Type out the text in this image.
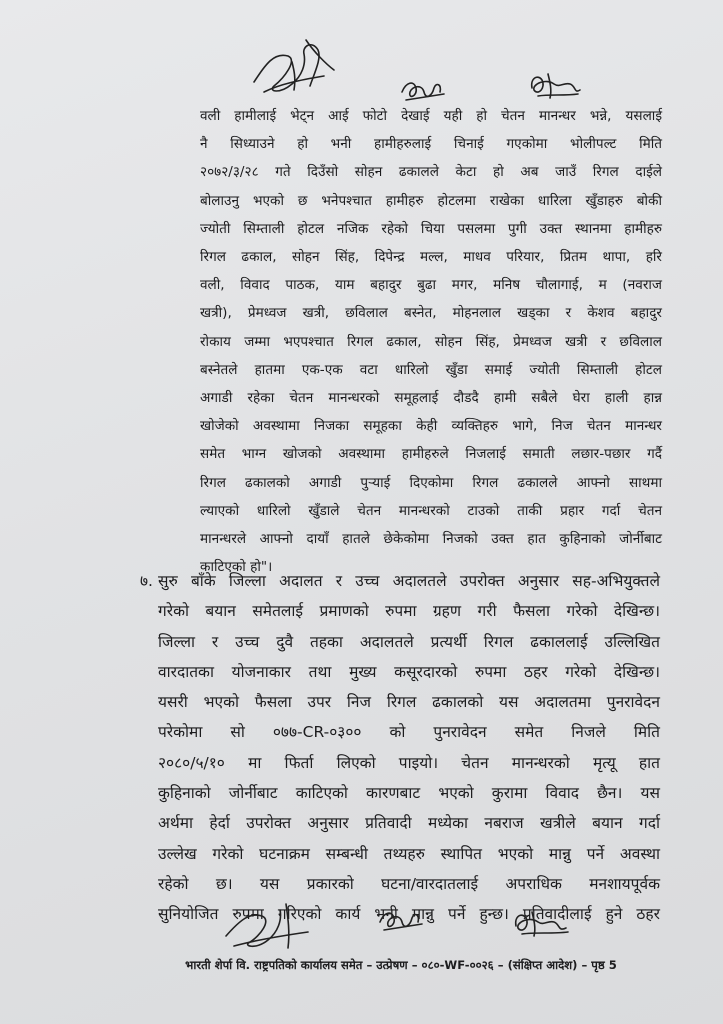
वली हामीलाई भेट्न आई फोटो देखाई यही हो चेतन मानन्धर भन्ने, यसलाई

नै सिध्याउने हो भनी हामीहरुलाई चिनाई गएकोमा भोलीपल्ट मिति

२०७२/३/२८ गते दिउँसो सोहन ढकालले केटा हो अब जाउँ रिगल दाईले

बोलाउनु भएको छ भनेपश्चात हामीहरु होटलमा राखेका धारिला खुँडाहरु बोकी

ज्योती सिम्ताली होटल नजिक रहेको चिया पसलमा पुगी उक्त स्थानमा हामीहरु

रिगल ढकाल, सोहन सिंह, दिपेन्द्र मल्ल, माधव परियार, प्रितम थापा, हरि

वली, विवाद पाठक, याम बहादुर बुढा मगर, मनिष चौलागाई, म (नवराज

खत्री), प्रेमध्वज खत्री, छविलाल बस्नेत, मोहनलाल खड्का र केशव बहादुर

रोकाय जम्मा भएपश्चात रिगल ढकाल, सोहन सिंह, प्रेमध्वज खत्री र छविलाल

बस्नेतले हातमा एक-एक वटा धारिलो खुँडा समाई ज्योती सिम्ताली होटल

अगाडी रहेका चेतन मानन्धरको समूहलाई दौडदै हामी सबैले घेरा हाली हान्न

खोजेको अवस्थामा निजका समूहका केही व्यक्तिहरु भागे, निज चेतन मानन्धर

समेत भाग्न खोजको अवस्थामा हामीहरुले निजलाई समाती लछार-पछार गर्दै

रिगल ढकालको अगाडी पुऱ्याई दिएकोमा रिगल ढकालले आफ्नो साथमा

ल्याएको धारिलो खुँडाले चेतन मानन्धरको टाउको ताकी प्रहार गर्दा चेतन

मानन्धरले आफ्नो दायाँ हातले छेकेकोमा निजको उक्त हात कुहिनाको जोर्नीबाट

काटिएको हो"।

७. सुरु बाँके जिल्ला अदालत र उच्च अदालतले उपरोक्त अनुसार सह-अभियुक्तले

गरेको बयान समेतलाई प्रमाणको रुपमा ग्रहण गरी फैसला गरेको देखिन्छ।

जिल्ला र उच्च दुवै तहका अदालतले प्रत्यर्थी रिगल ढकाललाई उल्लिखित

वारदातका योजनाकार तथा मुख्य कसूरदारको रुपमा ठहर गरेको देखिन्छ।

यसरी भएको फैसला उपर निज रिगल ढकालको यस अदालतमा पुनरावेदन

परेकोमा सो ०७७-CR-०३०० को पुनरावेदन समेत निजले मिति

२०८०/५/१० मा फिर्ता लिएको पाइयो। चेतन मानन्धरको मृत्यू हात

कुहिनाको जोर्नीबाट काटिएको कारणबाट भएको कुरामा विवाद छैन। यस

अर्थमा हेर्दा उपरोक्त अनुसार प्रतिवादी मध्येका नबराज खत्रीले बयान गर्दा

उल्लेख गरेको घटनाक्रम सम्बन्धी तथ्यहरु स्थापित भएको मान्नु पर्ने अवस्था

रहेको छ। यस प्रकारको घटना/वारदातलाई अपराधिक मनशायपूर्वक

सुनियोजित रुपमा गरिएको कार्य भनी मान्नु पर्ने हुन्छ। प्रतिवादीलाई हुने ठहर

भारती शेर्पा वि. राष्ट्रपतिको कार्यालय समेत – उत्प्रेषण – ०८०-WF-००२६ – (संक्षिप्त आदेश) – पृष्ठ 5
